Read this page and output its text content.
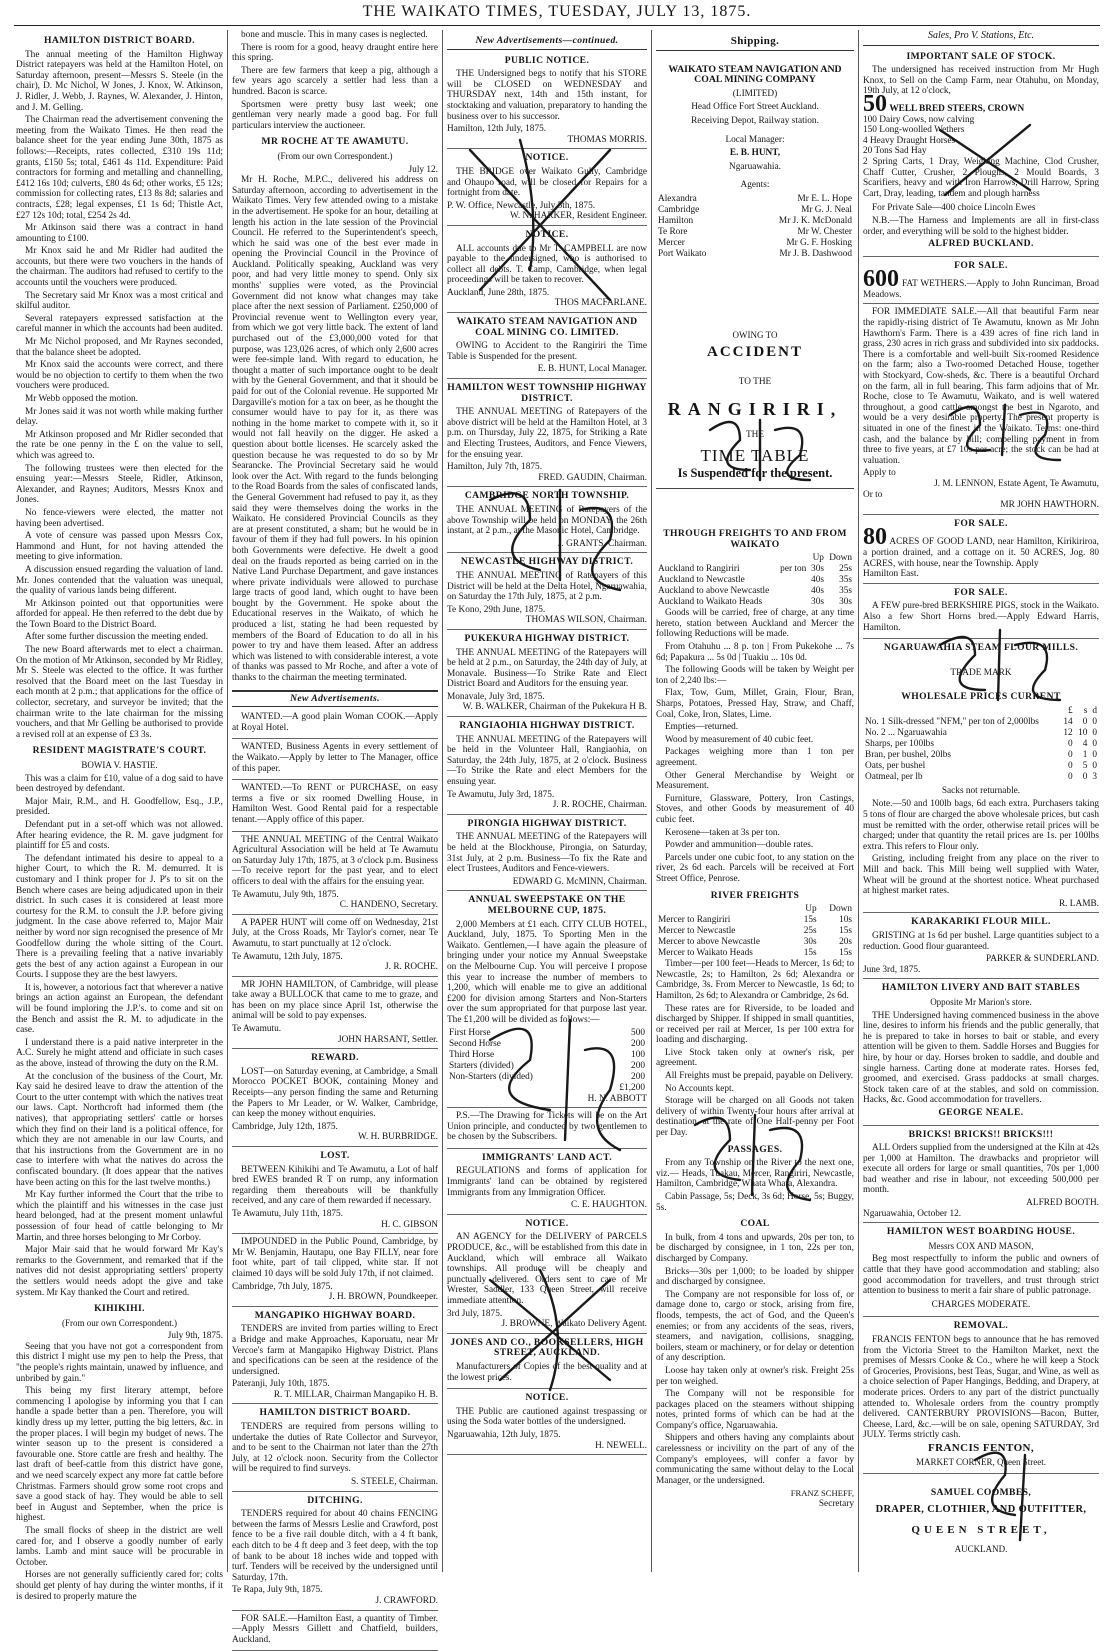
THE WAIKATO TIMES, TUESDAY, JULY 13, 1875.
HAMILTON DISTRICT BOARD.
The annual meeting of the Hamilton Highway District ratepayers was held at the Hamilton Hotel, on Saturday afternoon, present—Messrs S. Steele (in the chair), D. Mc Nichol, W Jones, J. Knox, W. Atkinson, J. Ridler, J. Webb, J. Raynes, W. Alexander, J. Hinton, and J. M. Gelling.
The Chairman read the advertisement convening the meeting from the Waikato Times. He then read the balance sheet for the year ending June 30th, 1875 as follows:—Receipts, rates collected, £310 19s 11d; grants, £150 5s; total, £461 4s 11d. Expenditure: Paid contractors for forming and metalling and channelling, £412 16s 10d; culverts, £80 4s 6d; other works, £5 12s; commission for collecting rates, £13 8s 8d; salaries and contracts, £28; legal expenses, £1 1s 6d; Thistle Act, £27 12s 10d; total, £254 2s 4d.
Mr Atkinson said there was a contract in hand amounting to £100.
Mr Knox said he and Mr Ridler had audited the accounts, but there were two vouchers in the hands of the chairman. The auditors had refused to certify to the accounts until the vouchers were produced.
The Secretary said Mr Knox was a most critical and skilful auditor.
Several ratepayers expressed satisfaction at the careful manner in which the accounts had been audited.
Mr Mc Nichol proposed, and Mr Raynes seconded, that the balance sheet be adopted.
Mr Knox said the accounts were correct, and there would be no objection to certify to them when the two vouchers were produced.
Mr Webb opposed the motion.
Mr Jones said it was not worth while making further delay.
Mr Atkinson proposed and Mr Ridler seconded that the rate be one penny in the £ on the value to sell, which was agreed to.
The following trustees were then elected for the ensuing year:—Messrs Steele, Ridler, Atkinson, Alexander, and Raynes; Auditors, Messrs Knox and Jones.
No fence-viewers were elected, the matter not having been advertised.
A vote of censure was passed upon Messrs Cox, Hammond and Hunt, for not having attended the meeting to give information.
A discussion ensued regarding the valuation of land. Mr. Jones contended that the valuation was unequal, the quality of various lands being different.
Mr Atkinson pointed out that opportunities were afforded for appeal. He then referred to the debt due by the Town Board to the District Board.
After some further discussion the meeting ended.
The new Board afterwards met to elect a chairman. On the motion of Mr Atkinson, seconded by Mr Ridley, Mr S. Steele was elected to the office. It was further resolved that the Board meet on the last Tuesday in each month at 2 p.m.; that applications for the office of collector, secretary, and surveyor be invited; that the chairman write to the late chairman for the missing vouchers, and that Mr Gelling be authorised to provide a revised roll at an expense of £3 3s.
RESIDENT MAGISTRATE'S COURT.
BOWIA V. HASTIE.
This was a claim for £10, value of a dog said to have been destroyed by defendant.
Major Mair, R.M., and H. Goodfellow, Esq., J.P., presided.
Defendant put in a set-off which was not allowed. After hearing evidence, the R. M. gave judgment for plaintiff for £5 and costs.
The defendant intimated his desire to appeal to a higher Court, to which the R. M. demurred. It is customary and I think proper for J. P's to sit on the Bench where cases are being adjudicated upon in their district. In such cases it is considered at least more courtesy for the R.M. to consult the J.P. before giving judgment. In the case above referred to, Major Mair neither by word nor sign recognised the presence of Mr Goodfellow during the whole sitting of the Court. There is a prevailing feeling that a native invariably gets the best of any action against a European in our Courts. I suppose they are the best lawyers.
It is, however, a notorious fact that wherever a native brings an action against an European, the defendant will be found imploring the J.P.'s. to come and sit on the Bench and assist the R. M. to adjudicate in the case.
I understand there is a paid native interpreter in the A.C. Surely he might attend and officiate in such cases as the above, instead of throwing the duty on the R.M.
At the conclusion of the business of the Court, Mr. Kay said he desired leave to draw the attention of the Court to the utter contempt with which the natives treat our laws. Capt. Northcroft had informed them (the natives), that appropriating settlers' cattle or horses which they find on their land is a political offence, for which they are not amenable in our law Courts, and that his instructions from the Government are in no case to interfere with what the natives do across the confiscated boundary. (It does appear that the natives have been acting on this for the last twelve months.)
Mr Kay further informed the Court that the tribe to which the plaintiff and his witnesses in the case just heard belonged, had at the present moment unlawful possession of four head of cattle belonging to Mr Martin, and three horses belonging to Mr Corboy.
Major Mair said that he would forward Mr Kay's remarks to the Government, and remarked that if the natives did not desist appropriating settlers' property the settlers would needs adopt the give and take system. Mr Kay thanked the Court and retired.
KIHIKIHI.
(From our own Correspondent.)
July 9th, 1875.
Seeing that you have not got a correspondent from this district I might use my pen to help the Press, that "the people's rights maintain, unawed by influence, and unbribed by gain."
This being my first literary attempt, before commencing I apologise by informing you that I can handle a spade better than a pen. Therefore, you will kindly dress up my letter, putting the big letters, &c. in the proper places. I will begin my budget of news. The winter season up to the present is considered a favourable one. Store cattle are fresh and healthy. The last draft of beef-cattle from this district have gone, and we need scarcely expect any more fat cattle before Christmas. Farmers should grow some root crops and save a good stack of hay. They would be able to sell beef in August and September, when the price is highest.
The small flocks of sheep in the district are well cared for, and I observe a goodly number of early lambs. Lamb and mint sauce will be procurable in October.
Horses are not generally sufficiently cared for; colts should get plenty of hay during the winter months, if it is desired to properly mature the
bone and muscle. This in many cases is neglected.
There is room for a good, heavy draught entire here this spring.
There are few farmers that keep a pig, although a few years ago scarcely a settler had less than a hundred. Bacon is scarce.
Sportsmen were pretty busy last week; one gentleman very nearly made a good bag. For full particulars interview the auctioneer.
MR ROCHE AT TE AWAMUTU.
(From our own Correspondent.)
July 12.
Mr H. Roche, M.P.C., delivered his address on Saturday afternoon, according to advertisement in the Waikato Times. Very few attended owing to a mistake in the advertisement. He spoke for an hour, detailing at length his action in the late session of the Provincial Council. He referred to the Superintendent's speech, which he said was one of the best ever made in opening the Provincial Council in the Province of Auckland. Politically speaking, Auckland was very poor, and had very little money to spend. Only six months' supplies were voted, as the Provincial Government did not know what changes may take place after the next session of Parliament. £250,000 of Provincial revenue went to Wellington every year, from which we got very little back. The extent of land purchased out of the £3,000,000 voted for that purpose, was 123,026 acres, of which only 2,600 acres were fee-simple land. With regard to education, he thought a matter of such importance ought to be dealt with by the General Government, and that it should be paid for out of the Colonial revenue. He supported Mr Dargaville's motion for a tax on beer, as he thought the consumer would have to pay for it, as there was nothing in the home market to compete with it, so it would not fall heavily on the digger. He asked a question about bottle licenses. He scarcely asked the question because he was requested to do so by Mr Searancke. The Provincial Secretary said he would look over the Act. With regard to the funds belonging to the Road Boards from the sales of confiscated lands, the General Government had refused to pay it, as they said they were themselves doing the works in the Waikato. He considered Provincial Councils as they are at present constituted, a sham; but he would be in favour of them if they had full powers. In his opinion both Governments were defective. He dwelt a good deal on the frauds reported as being carried on in the Native Land Purchase Department, and gave instances where private individuals were allowed to purchase large tracts of good land, which ought to have been bought by the Government. He spoke about the Educational reserves in the Waikato, of which he produced a list, stating he had been requested by members of the Board of Education to do all in his power to try and have them leased. After an address which was listened to with considerable interest, a vote of thanks was passed to Mr Roche, and after a vote of thanks to the chairman the meeting terminated.
New Advertisements.
WANTED.—A good plain Woman COOK.—Apply at Royal Hotel.
WANTED, Business Agents in every settlement of the Waikato.—Apply by letter to The Manager, office of this paper.
WANTED.—To RENT or PURCHASE, on easy terms a five or six roomed Dwelling House, in Hamilton West. Good Rental paid for a respectable tenant.—Apply office of this paper.
THE ANNUAL MEETING of the Central Waikato Agricultural Association will be held at Te Awamutu on Saturday July 17th, 1875, at 3 o'clock p.m. Business—To receive report for the past year, and to elect officers to deal with the affairs for the ensuing year.
Te Awamutu, July 9th, 1875.
C. HANDENO, Secretary.
A PAPER HUNT will come off on Wednesday, 21st July, at the Cross Roads, Mr Taylor's corner, near Te Awamutu, to start punctually at 12 o'clock.
Te Awamutu, 12th July, 1875.
J. R. ROCHE.
MR JOHN HAMILTON, of Cambridge, will please take away a BULLOCK that came to me to graze, and has been on my place since April 1st, otherwise the animal will be sold to pay expenses.
Te Awamutu.
JOHN HARSANT, Settler.
REWARD.
LOST—on Saturday evening, at Cambridge, a Small Morocco POCKET BOOK, containing Money and Receipts—any person finding the same and Returning the Papers to Mr Leader, or W. Walker, Cambridge, can keep the money without enquiries.
Cambridge, July 12th, 1875.
W. H. BURBRIDGE.
LOST.
BETWEEN Kihikihi and Te Awamutu, a Lot of half bred EWES branded R T on rump, any information regarding them thereabouts will be thankfully received, and any care of them rewarded if necessary.
Te Awamutu, July 11th, 1875.
H. C. GIBSON
IMPOUNDED in the Public Pound, Cambridge, by Mr W. Benjamin, Hautapu, one Bay FILLY, near fore foot white, part of tail clipped, white star. If not claimed 10 days will be sold July 17th, if not claimed.
Cambridge, 7th July, 1875.
J. H. BROWN, Poundkeeper.
MANGAPIKO HIGHWAY BOARD.
TENDERS are invited from parties willing to Erect a Bridge and make Approaches, Kaporuatu, near Mr Vercoe's farm at Mangapiko Highway District. Plans and specifications can be seen at the residence of the undersigned.
Pateranji, July 10th, 1875.
R. T. MILLAR, Chairman Mangapiko H. B.
HAMILTON DISTRICT BOARD.
TENDERS are required from persons willing to undertake the duties of Rate Collector and Surveyor, and to be sent to the Chairman not later than the 27th July, at 12 o'clock noon. Security from the Collector will be required to find surveys.
S. STEELE, Chairman.
DITCHING.
TENDERS required for about 40 chains FENCING between the farms of Messrs Leslie and Crawford, post fence to be a five rail double ditch, with a 4 ft bank, each ditch to be 4 ft deep and 3 feet deep, with the top of bank to be about 18 inches wide and topped with turf. Tenders will be received by the undersigned until Saturday, 17th.
Te Rapa, July 9th, 1875.
J. CRAWFORD.
FOR SALE.—Hamilton East, a quantity of Timber.—Apply Messrs Gillett and Chatfield, builders, Auckland.
New Advertisements—continued.
PUBLIC NOTICE.
THE Undersigned begs to notify that his STORE will be CLOSED on WEDNESDAY and THURSDAY next, 14th and 15th instant, for stocktaking and valuation, preparatory to handing the business over to his successor.
Hamilton, 12th July, 1875.
THOMAS MORRIS.
NOTICE.
THE BRIDGE over Waikato Gully, Cambridge and Ohaupo road, will be closed for Repairs for a fortnight from date.
P. W. Office, Newcastle, July 5th, 1875.
W. N. HARKER, Resident Engineer.
NOTICE.
ALL accounts due to Mr T. CAMPBELL are now payable to the undersigned, who is authorised to collect all debts. T. Camp, Cambridge, when legal proceedings will be taken to recover.
Auckland, June 28th, 1875.
THOS MACFARLANE.
WAIKATO STEAM NAVIGATION AND COAL MINING CO. LIMITED.
OWING to Accident to the Rangiriri the Time Table is Suspended for the present.
E. B. HUNT, Local Manager.
HAMILTON WEST TOWNSHIP HIGHWAY DISTRICT.
THE ANNUAL MEETING of Ratepayers of the above district will be held at the Hamilton Hotel, at 3 p.m. on Thursday, July 22, 1875, for Striking a Rate and Electing Trustees, Auditors, and Fence Viewers, for the ensuing year.
Hamilton, July 7th, 1875.
FRED. GAUDIN, Chairman.
CAMBRIDGE NORTH TOWNSHIP.
THE ANNUAL MEETING of Ratepayers of the above Township will be held on MONDAY, the 26th instant, at 2 p.m., at the Masonic Hotel, Cambridge.
J. GRANTS, Chairman.
NEWCASTLE HIGHWAY DISTRICT.
THE ANNUAL MEETING of Ratepayers of this District will be held at the Delta Hotel, Ngaruawahia, on Saturday the 17th July, 1875, at 2 p.m.
Te Kono, 29th June, 1875.
THOMAS WILSON, Chairman.
PUKEKURA HIGHWAY DISTRICT.
THE ANNUAL MEETING of the Ratepayers will be held at 2 p.m., on Saturday, the 24th day of July, at Monavale. Business—To Strike Rate and Elect District Board and Auditors for the ensuing year.
Monavale, July 3rd, 1875.
W. B. WALKER, Chairman of the Pukekura H B.
RANGIAOHIA HIGHWAY DISTRICT.
THE ANNUAL MEETING of the Ratepayers will be held in the Volunteer Hall, Rangiaohia, on Saturday, the 24th July, 1875, at 2 o'clock. Business—To Strike the Rate and elect Members for the ensuing year.
Te Awamutu, July 3rd, 1875.
J. R. ROCHE, Chairman.
PIRONGIA HIGHWAY DISTRICT.
THE ANNUAL MEETING of the Ratepayers will be held at the Blockhouse, Pirongia, on Saturday, 31st July, at 2 p.m. Business—To fix the Rate and elect Trustees, Auditors and Fence-viewers.
EDWARD G. McMINN, Chairman.
ANNUAL SWEEPSTAKE ON THE MELBOURNE CUP, 1875.
2,000 Members at £1 each. CITY CLUB HOTEL, Auckland, July, 1875. To Sporting Men in the Waikato. Gentlemen,—I have again the pleasure of bringing under your notice my Annual Sweepstake on the Melbourne Cup. You will perceive I propose this year to increase the number of members to 1,200, which will enable me to give an additional £200 for division among Starters and Non-Starters over the sum appropriated for that purpose last year. The £1,200 will be divided as follows:—
First Horse	500
Second Horse	200
Third Horse	100
Starters (divided)	200
Non-Starters (divided)	200
	£1,200
H. N. ABBOTT
P.S.—The Drawing for Tickets will be on the Art Union principle, and conducted by two gentlemen to be chosen by the Subscribers.
IMMIGRANTS' LAND ACT.
REGULATIONS and forms of application for Immigrants' land can be obtained by registered Immigrants from any Immigration Officer.
C. E. HAUGHTON.
NOTICE.
AN AGENCY for the DELIVERY of PARCELS PRODUCE, &c., will be established from this date in Auckland, which will embrace all Waikato townships. All produce will be cheaply and punctually delivered. Orders sent to care of Mr Wrester, Saddler, 133 Queen Street, will receive immediate attention.
3rd July, 1875.
J. BROWNE, Waikato Delivery Agent.
JONES AND CO., BOOKSELLERS, HIGH STREET, AUCKLAND.
Manufacturers of Copies of the best quality and at the lowest prices.
NOTICE.
THE Public are cautioned against trespassing or using the Soda water bottles of the undersigned.
Ngaruawahia, 12th July, 1875.
H. NEWELL.
Shipping.
WAIKATO STEAM NAVIGATION AND COAL MINING COMPANY
(LIMITED)
Head Office Fort Street Auckland.
Receiving Depot, Railway station.
Local Manager:
E. B. HUNT,
Ngaruawahia.
Agents:
Alexandra	Mr E. L. Hope
Cambridge	Mr G. J. Neal
Hamilton	Mr J. K. McDonald
Te Rore	Mr W. Chester
Mercer	Mr G. F. Hosking
Port Waikato	Mr J. B. Dashwood
OWING TO
ACCIDENT
TO THE
RANGIRIRI,
THE
TIME TABLE
Is Suspended for the present.
THROUGH FREIGHTS TO AND FROM WAIKATO
		Up	Down
Auckland to Rangiriri	per ton	30s	25s
Auckland to Newcastle		40s	35s
Auckland to above Newcastle		40s	35s
Auckland to Waikato Heads		30s	30s
Goods will be carried, free of charge, at any time hereto, station between Auckland and Mercer the following Reductions will be made.
From Otahuhu ... 8 p. ton | From Pukekohe ... 7s 6d; Papakura ... 5s 0d | Tuakiu ... 10s 0d.
The following Goods will be taken by Weight per ton of 2,240 lbs:—
Flax, Tow, Gum, Millet, Grain, Flour, Bran, Sharps, Potatoes, Pressed Hay, Straw, and Chaff, Coal, Coke, Iron, Slates, Lime.
Empties—returned.
Wood by measurement of 40 cubic feet.
Packages weighing more than 1 ton per agreement.
Other General Merchandise by Weight or Measurement.
Furniture, Glassware, Pottery, Iron Castings, Stoves, and other Goods by measurement of 40 cubic feet.
Kerosene—taken at 3s per ton.
Powder and ammunition—double rates.
Parcels under one cubic foot, to any station on the river, 2s 6d each. Parcels will be received at Fort Street Office, Penrose.
RIVER FREIGHTS
	Up	Down
Mercer to Rangiriri	15s	10s
Mercer to Newcastle	25s	15s
Mercer to above Newcastle	30s	20s
Mercer to Waikato Heads	15s	15s
Timber—per 100 feet—Heads to Mercer, 1s 6d; to Newcastle, 2s; to Hamilton, 2s 6d; Alexandra or Cambridge, 3s. From Mercer to Newcastle, 1s 6d; to Hamilton, 2s 6d; to Alexandra or Cambridge, 2s 6d.
These rates are for Riverside, to be loaded and discharged by Shipper. If shipped in small quantities, or received per rail at Mercer, 1s per 100 extra for loading and discharging.
Live Stock taken only at owner's risk, per agreement.
All Freights must be prepaid, payable on Delivery.
No Accounts kept.
Storage will be charged on all Goods not taken delivery of within Twenty-four hours after arrival at destination, at the rate of One Half-penny per Foot per Day.
PASSAGES.
From any Township on the River to the next one, viz.— Heads, Tuakau, Mercer, Rangiriri, Newcastle, Hamilton, Cambridge, Whata Whata, Alexandra.
Cabin Passage, 5s; Deck, 3s 6d; Horse, 5s; Buggy, 5s.
COAL
In bulk, from 4 tons and upwards, 20s per ton, to be discharged by consignee, in 1 ton, 22s per ton, discharged by Company.
Bricks—30s per 1,000; to be loaded by shipper and discharged by consignee.
The Company are not responsible for loss of, or damage done to, cargo or stock, arising from fire, floods, tempests, the act of God, and the Queen's enemies; or from any accidents of the seas, rivers, steamers, and navigation, collisions, snagging, boilers, steam or machinery, or for delay or detention of any description.
Loose hay taken only at owner's risk. Freight 25s per ton weighed.
The Company will not be responsible for packages placed on the steamers without shipping notes, printed forms of which can be had at the Company's office, Ngaruawahia.
Shippers and others having any complaints about carelessness or incivility on the part of any of the Company's employees, will confer a favor by communicating the same without delay to the Local Manager, or the undersigned.
FRANZ SCHEFF,
Secretary
Sales, Pro V. Stations, Etc.
IMPORTANT SALE OF STOCK.
The undersigned has received instruction from Mr Hugh Knox, to Sell on the Camp Farm, near Otahuhu, on Monday, 19th July, at 12 o'clock,
50 WELL BRED STEERS, CROWN
100 Dairy Cows, now calving
150 Long-woolled Wethers
4 Heavy Draught Horses
20 Tons Sad Hay
2 Spring Carts, 1 Dray, Weighing Machine, Clod Crusher, Chaff Cutter, Crusher, 2 Ploughs, 2 Mould Boards, 3 Scarifiers, heavy and with Iron Harrows, Drill Harrow, Spring Cart, Dray, leading, tandem and plough harness
For Private Sale—400 choice Lincoln Ewes
N.B.—The Harness and Implements are all in first-class order, and everything will be sold to the highest bidder.
ALFRED BUCKLAND.
FOR SALE.
600 FAT WETHERS.—Apply to John Runciman, Broad Meadows.
FOR IMMEDIATE SALE.—All that beautiful Farm near the rapidly-rising district of Te Awamutu, known as Mr John Hawthorn's Farm. There is a 439 acres of fine rich land in grass, 230 acres in rich grass and subdivided into six paddocks. There is a comfortable and well-built Six-roomed Residence on the farm; also a Two-roomed Detached House, together with Stockyard, Cow-sheds, &c. There is a beautiful Orchard on the farm, all in full bearing. This farm adjoins that of Mr. Roche, close to Te Awamutu, Waikato, and is well watered throughout, a good cattle amongst the best in Ngaroto, and would be a very desirable property. The present property is situated in one of the finest in the Waikato. Terms: one-third cash, and the balance by bill; compelling payment in from three to five years, at £7 10s per acre; the stock can be had at valuation.
Apply to
J. M. LENNON, Estate Agent, Te Awamutu,
Or to
MR JOHN HAWTHORN.
FOR SALE.
80 ACRES OF GOOD LAND, near Hamilton, Kirikiriroa, a portion drained, and a cottage on it. 50 ACRES, Jog. 80 ACRES, with house, near the Township. Apply
Hamilton East.
FOR SALE.
A FEW pure-bred BERKSHIRE PIGS, stock in the Waikato. Also a few Short Horns bred.—Apply Edward Harris, Hamilton.
NGARUAWAHIA STEAM FLOUR MILLS.
TRADE MARK
WHOLESALE PRICES CURRENT
	£	s	d
No. 1 Silk-dressed "NFM," per ton of 2,000lbs	14	0	0
No. 2 ... Ngaruawahia	12	10	0
Sharps, per 100lbs	0	4	0
Bran, per bushel, 20lbs	0	1	0
Oats, per bushel	0	5	0
Oatmeal, per lb	0	0	3
Sacks not returnable.
Note.—50 and 100lb bags, 6d each extra. Purchasers taking 5 tons of flour are charged the above wholesale prices, but cash must be remitted with the order, otherwise retail prices will be charged; under that quantity the retail prices are 1s. per 100lbs extra. This refers to Flour only.
Gristing, including freight from any place on the river to Mill and back. This Mill being well supplied with Water, Wheat will be ground at the shortest notice. Wheat purchased at highest market rates.
R. LAMB.
KARAKARIKI FLOUR MILL.
GRISTING at 1s 6d per bushel. Large quantities subject to a reduction. Good flour guaranteed.
PARKER & SUNDERLAND.
June 3rd, 1875.
HAMILTON LIVERY AND BAIT STABLES
Opposite Mr Marion's store.
THE Undersigned having commenced business in the above line, desires to inform his friends and the public generally, that he is prepared to take in horses to bait or stable, and every attention will be given to them. Saddle Horses and Buggies for hire, by hour or day. Horses broken to saddle, and double and single harness. Carting done at moderate rates. Horses fed, groomed, and exercised. Grass paddocks at small charges. Stock taken care of at the stables, and sold on commission. Hacks, &c. Good accommodation for travellers.
GEORGE NEALE.
BRICKS! BRICKS!! BRICKS!!!
ALL Orders supplied from the undersigned at the Kiln at 42s per 1,000 at Hamilton. The drawbacks and proprietor will execute all orders for large or small quantities, 70s per 1,000 bad weather and rise in labour, not exceeding 500,000 per month.
ALFRED BOOTH.
Ngaruawahia, October 12.
HAMILTON WEST BOARDING HOUSE.
Messrs COX AND MASON,
Beg most respectfully to inform the public and owners of cattle that they have good accommodation and stabling; also good accommodation for travellers, and trust through strict attention to business to merit a fair share of public patronage.
CHARGES MODERATE.
REMOVAL.
FRANCIS FENTON begs to announce that he has removed from the Victoria Street to the Hamilton Market, next the premises of Messrs Cooke & Co., where he will keep a Stock of Groceries, Provisions, best Teas, Sugar, and Wine, as well as a choice selection of Paper Hangings, Bedding, and Drapery, at moderate prices. Orders to any part of the district punctually attended to. Wholesale orders from the country promptly delivered. CANTERBURY PROVISIONS—Bacon, Butter, Cheese, Lard, &c.—will be on sale, opening SATURDAY, 3rd JULY. Terms strictly cash.
FRANCIS FENTON,
MARKET CORNER, Queen Street.
SAMUEL COOMBES,
DRAPER, CLOTHIER, AND OUTFITTER,
QUEEN STREET,
AUCKLAND.
